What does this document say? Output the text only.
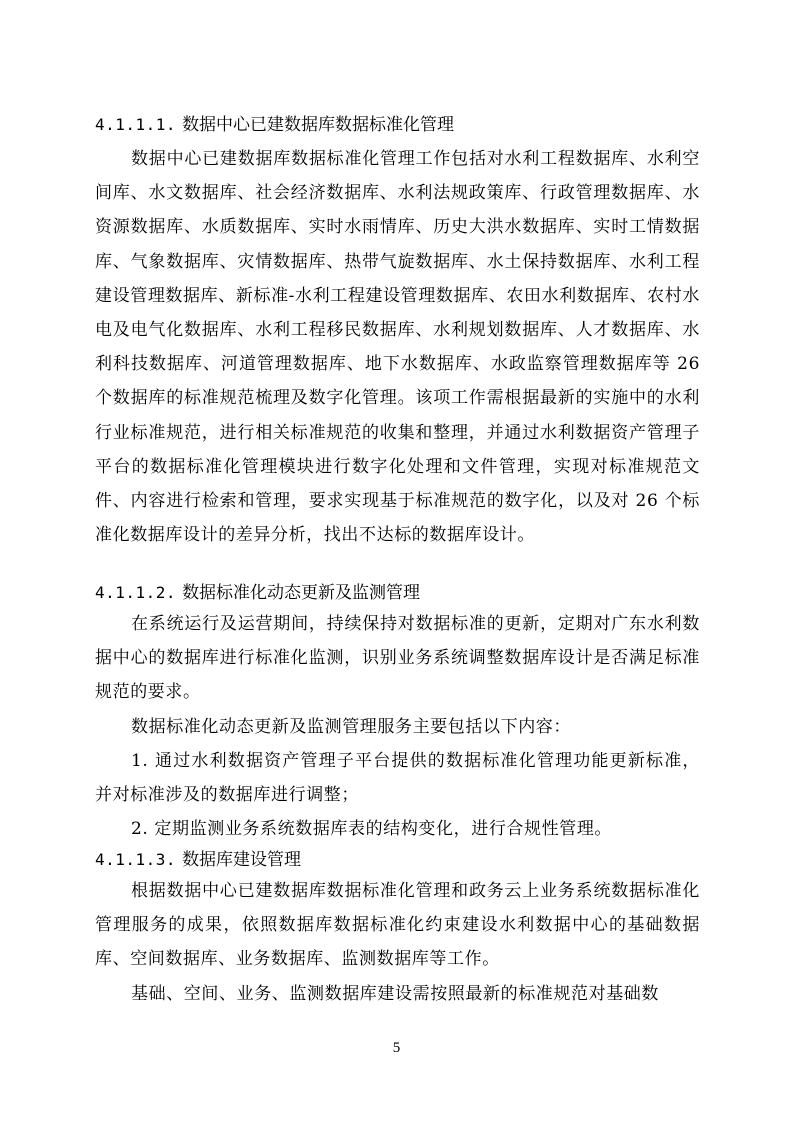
4.1.1.1. 数据中心已建数据库数据标准化管理
数据中心已建数据库数据标准化管理工作包括对水利工程数据库、水利空间库、水文数据库、社会经济数据库、水利法规政策库、行政管理数据库、水资源数据库、水质数据库、实时水雨情库、历史大洪水数据库、实时工情数据库、气象数据库、灾情数据库、热带气旋数据库、水土保持数据库、水利工程建设管理数据库、新标准-水利工程建设管理数据库、农田水利数据库、农村水电及电气化数据库、水利工程移民数据库、水利规划数据库、人才数据库、水利科技数据库、河道管理数据库、地下水数据库、水政监察管理数据库等 26 个数据库的标准规范梳理及数字化管理。该项工作需根据最新的实施中的水利行业标准规范，进行相关标准规范的收集和整理，并通过水利数据资产管理子平台的数据标准化管理模块进行数字化处理和文件管理，实现对标准规范文件、内容进行检索和管理，要求实现基于标准规范的数字化，以及对 26 个标准化数据库设计的差异分析，找出不达标的数据库设计。
4.1.1.2. 数据标准化动态更新及监测管理
在系统运行及运营期间，持续保持对数据标准的更新，定期对广东水利数据中心的数据库进行标准化监测，识别业务系统调整数据库设计是否满足标准规范的要求。
数据标准化动态更新及监测管理服务主要包括以下内容：
1. 通过水利数据资产管理子平台提供的数据标准化管理功能更新标准，并对标准涉及的数据库进行调整；
2. 定期监测业务系统数据库表的结构变化，进行合规性管理。
4.1.1.3. 数据库建设管理
根据数据中心已建数据库数据标准化管理和政务云上业务系统数据标准化管理服务的成果，依照数据库数据标准化约束建设水利数据中心的基础数据库、空间数据库、业务数据库、监测数据库等工作。
基础、空间、业务、监测数据库建设需按照最新的标准规范对基础数
5
